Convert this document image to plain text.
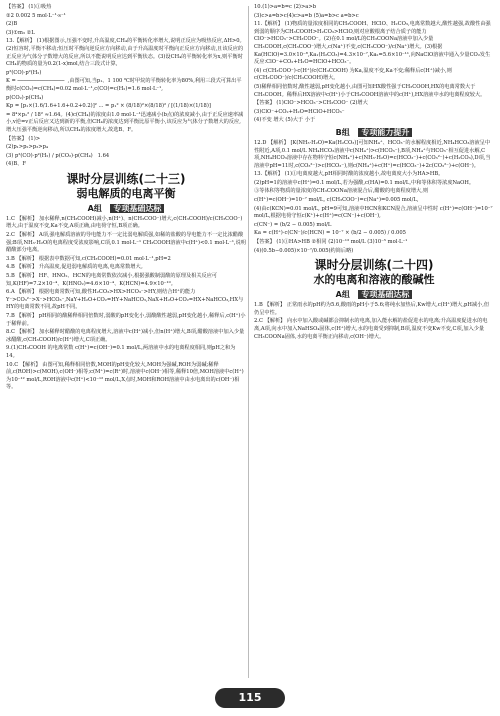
【答案】 (1)①吸热
②2 0.002 5 mol·L⁻¹·s⁻¹
(2)B
(3)①m₃ ②L
13.【解析】 (1)根据图示,压强不变时,升高温度,CH₄的平衡转化率增大,说明正反应为吸热反应,ΔH>0。(2)恒容时,平衡不移动;恒压时平衡向逆反应方向移动,由于升高温度时平衡向正反应方向移动,且该反应的正反应为气体分子数增大的反应,所以不能说明反应达到平衡状态。(3)设CH₄的平衡转化率为x,则平衡时CH₄的物质的量为0.2(1-x)mol,结合三段式计算,
p²(CO)·p²(H₂)
K = ───────────────  ,由图可知,当p₁、1 100 ℃时甲烷的平衡转化率为80%,利用三段式可算出平衡时c(CO₂)=c(CH₄)=0.02 mol·L⁻¹,c(CO)=c(H₂)=1.6 mol·L⁻¹,
p(CO₂)·p(CH₄)
Kp = [p₁×(1.6/1.6+1.6+0.2+0.2)]² ... = p₁² × (8/18)²×(8/18)² / [(1/18)×(1/18)]
= 8⁴×p₁² / 18² ≈1.64。(4)c(CH₄)的浓度由1.0 mol·L⁻¹迅速减小(b点)的浓度减小,由于正反应速率减小,v逆=v正后反应又达到新的平衡,但CH₄的浓度达到平衡比原平衡小,该反应为气体分子数增大的反应,增大压强平衡逆向移动,所以CH₄的浓度增大,故选B、F。
【答案】 (1)>
(2)p₁>p₂>p₃>p₄
(3) p²(CO)·p²(H₂) / p(CO₂)·p(CH₄)   1.64
(4)B、F
课时分层训练(二十三)
弱电解质的电离平衡
A组 专项基础达标
1.C 【解析】 加水稀释,n(CH₃COOH)减小,n(H⁺)、n(CH₃COO⁻)增大,c(CH₃COOH)/c(CH₃COO⁻)增大,由于温度不变,Ka不变,A项正确,由电荷守恒,B项正确。
2.C 【解析】 A项,强电解质溶液的导电能力不一定比弱电解质强,如稀的盐酸的导电能力不一定比浓醋酸强;B项,NH₃·H₂O的电离程度受浓度影响,C项,0.1 mol·L⁻¹ CH₃COOH溶液中c(H⁺)<0.1 mol·L⁻¹,说明醋酸部分电离。
3.B 【解析】 根据表中数据可知,c(CH₃COOH)=0.01 mol·L⁻¹,pH=2
4.B 【解析】 升高温度,促进弱电解质的电离,电离常数增大。
5.B 【解析】 HF、HNO₂、HCN的电离常数依次减小,根据强酸制弱酸的原理及相关反应可知,K(HF)=7.2×10⁻⁴、K(HNO₂)=4.6×10⁻⁴、K(HCN)=4.9×10⁻¹⁰。
6.A 【解析】 根据电离常数可知,酸性H₂CO₃>HX>HCO₃⁻>HY,则结合H⁺的能力Y⁻>CO₃²⁻>X⁻>HCO₃⁻,NaY+H₂O+CO₂=HY+NaHCO₃,NaX+H₂O+CO₂=HX+NaHCO₃,HX与HY的电离常数不同,故pH不同。
7.B 【解析】 pH相同的酸稀释相同倍数时,弱酸的pH变化小,弱酸酸性越弱,pH变化越小,稀释后,c(H⁺)小于稀释前。
8.C 【解析】 加水稀释时醋酸的电离程度增大,溶液中c(H⁺)减小,但n(H⁺)增大,B项,醋酸溶液中加入少量冰醋酸,c(CH₃COOH)/c(H⁺)增大,C项正确。
9.(1)CH₃COOH 的电离常数 c(H⁺)=c(OH⁻)=0.1 mol/L,两溶液中水的电离程度相同,则pH之和为14。
10.C 【解析】 由图可知,稀释相同倍数,MOH的pH变化较大,MOH为强碱,ROH为弱碱;稀释前,c(ROH)>c(MOH),c(OH⁻)相等;c(M⁺)=c(R⁺)时,溶液中c(OH⁻)相等,稀释10倍,MOH溶液中c(H⁺)为10⁻¹² mol/L,ROH溶液中c(H⁺)<10⁻¹² mol/L,X点时,MOH和ROH溶液中由水电离出的c(OH⁻)相等。
10.(1)>a=b=c (2)>a>b
(3)c>a=b>c(4)c>a=b (5)a=b>c a=b>c
11.【解析】 (1)物质的量浓度相同的CH₃COOH、HClO、H₂CO₃,电离常数越大,酸性越强,故酸性由强到弱的顺序为CH₃COOH>H₂CO₃>HClO,则对应酸根离子结合质子的能力ClO⁻>HCO₃⁻>CH₃COO⁻。(2)在0.1 mol/L的CH₃COONa溶液中加入少量CH₃COOH,c(CH₃COO⁻)增大,c(Na⁺)不变,c(CH₃COO⁻)/c(Na⁺)增大。(3)根据Ka(HClO)=3.0×10⁻⁸,Ka₁(H₂CO₃)=4.3×10⁻⁷,Ka₂=5.6×10⁻¹¹,向NaClO溶液中通入少量CO₂发生反应:ClO⁻+CO₂+H₂O=HClO+HCO₃⁻。
(4) c(CH₃COO⁻)·c(H⁺)/c(CH₃COOH) 为Ka,温度不变,Ka不变;稀释后c(H⁺)减小,则c(CH₃COO⁻)/c(CH₃COOH)增大。
(5)稀释相同倍数时,酸性越弱,pH变化越小,由图可知HX酸性强于CH₃COOH,HX的电离常数大于CH₃COOH。稀释后HX溶液中c(H⁺)小于CH₃COOH溶液中的c(H⁺),HX溶液中水的电离程度较大。
【答案】 (1)ClO⁻>HCO₃⁻>CH₃COO⁻ (2)增大
(3)ClO⁻+CO₂+H₂O=HClO+HCO₃⁻
(4)不变 增大 (5)大于 小于
B组 专项能力提升
12.D 【解析】 [K(NH₃·H₂O)=Ka(H₂CO₃)]可知NH₄⁺、HCO₃⁻的水解程度相近,NH₄HCO₃溶液呈中性附近,A项,0.1 mol/L NH₄HCO₃溶液中c(NH₄⁺)>c(HCO₃⁻),B项,NH₄⁺与HCO₃⁻相互促进水解,C项,NH₄HCO₃溶液中存在物料守恒c(NH₄⁺)+c(NH₃·H₂O)=c(HCO₃⁻)+c(CO₃²⁻)+c(H₂CO₃),D项,当溶液中pH=11时,c(CO₃²⁻)>c(HCO₃⁻),则c(NH₄⁺)+c(H⁺)=c(HCO₃⁻)+2c(CO₃²⁻)+c(OH⁻)。
13.【解析】 (1)①电离度越大,pH相同时酸的浓度越小,故电离度大小为HA>HB。
(2)pH=1的溶液中c(H⁺)=0.1 mol/L,若为强酸,c(HA)=0.1 mol/L,中和等体积等浓度NaOH。
③等体积等物质的量浓度的CH₃COONa溶液混合后,醋酸的电离程度增大,则
c(H⁺)=c(OH⁻)=10⁻⁷ mol/L, c(CH₃COO⁻)=c(Na⁺)=0.005 mol/L,
(4)由c(KCN)=0.01 mol/L, pH=9可知,溶液中HCN和KCN混合,溶液呈中性时 c(H⁺)=c(OH⁻)=10⁻⁷ mol/L,根据电荷守恒c(K⁺)+c(H⁺)=c(CN⁻)+c(OH⁻),
c(CN⁻) = (b/2 − 0.005) mol/L
Ka = c(H⁺)·c(CN⁻)/c(HCN) = 10⁻⁷ × (b/2 − 0.005) / 0.005
【答案】 (1)①HA>HB ②相同 (2)10⁻¹³ mol/L (3)10⁻⁵ mol·L⁻¹
(4)(0.5b−0.005)×10⁻⁷/0.005(约简后略)
课时分层训练(二十四)
水的电离和溶液的酸碱性
A组 专项基础达标
1.B 【解析】 正常雨水的pH约为5.6,酸雨的pH小于5.6;将纯水加热后,Kw增大,c(H⁺)增大,pH减小,但仍呈中性。
2.C 【解析】 向水中加入酸或碱都会抑制水的电离,加入能水解的盐促进水的电离;升高温度促进水的电离,A项,向水中加入NaHSO₄固体,c(H⁺)增大,水的电离受到抑制,B项,温度不变Kw不变,C项,加入少量CH₃COONa固体,水的电离平衡正向移动,c(OH⁻)增大。
115
